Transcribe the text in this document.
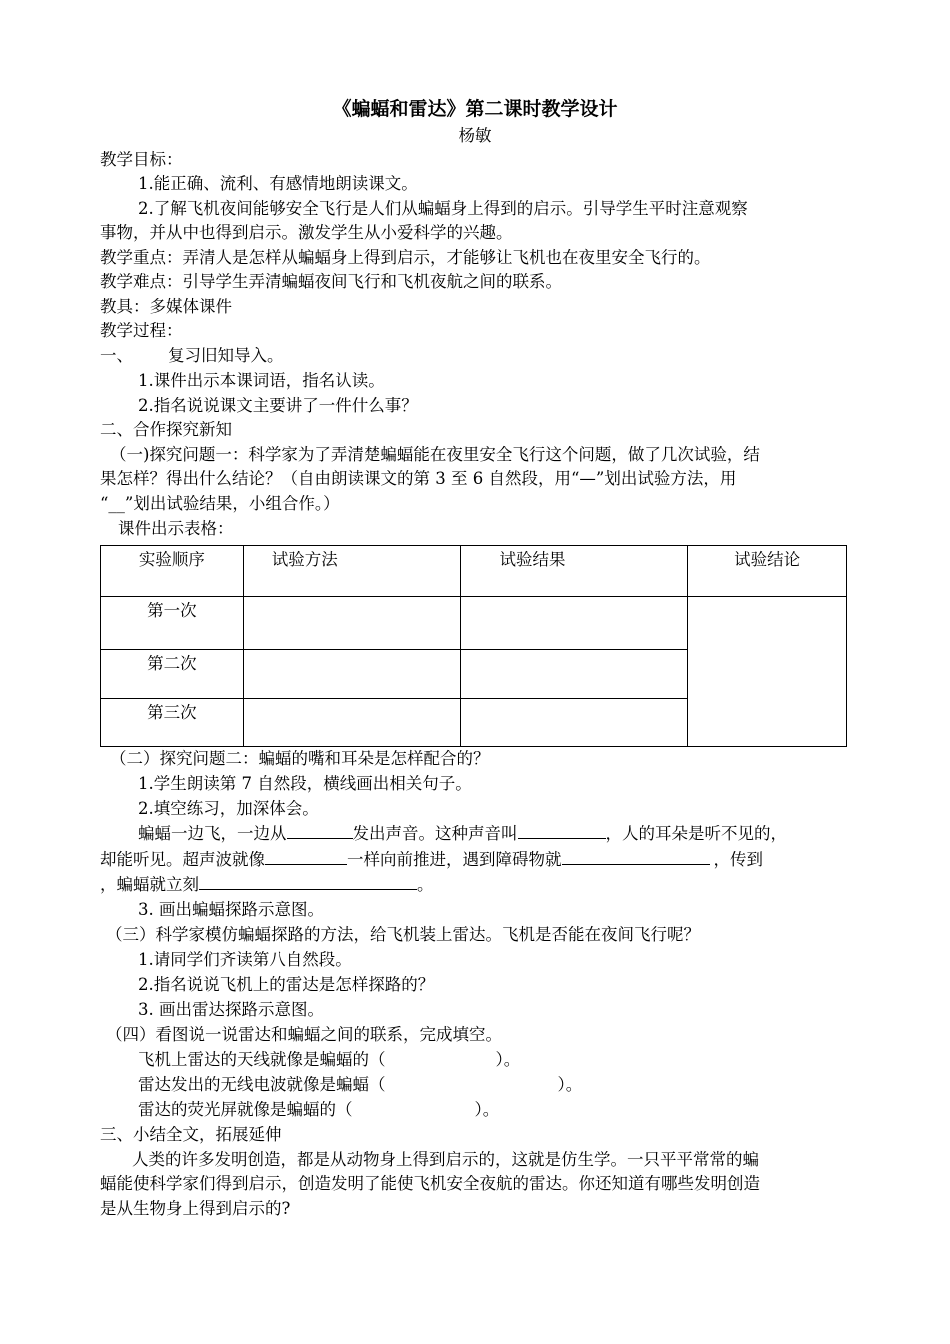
《蝙蝠和雷达》第二课时教学设计
杨敏
教学目标：
1.能正确、流利、有感情地朗读课文。
2.了解飞机夜间能够安全飞行是人们从蝙蝠身上得到的启示。引导学生平时注意观察
事物，并从中也得到启示。激发学生从小爱科学的兴趣。
教学重点：弄清人是怎样从蝙蝠身上得到启示，才能够让飞机也在夜里安全飞行的。
教学难点：引导学生弄清蝙蝠夜间飞行和飞机夜航之间的联系。
教具：多媒体课件
教学过程：
一、 复习旧知导入。
1.课件出示本课词语，指名认读。
2.指名说说课文主要讲了一件什么事？
二、合作探究新知
（一)探究问题一：科学家为了弄清楚蝙蝠能在夜里安全飞行这个问题，做了几次试验，结
果怎样？得出什么结论？（自由朗读课文的第 3 至 6 自然段，用“—”划出试验方法，用
“__”划出试验结果，小组合作。）
课件出示表格：
实验顺序	试验方法	试验结果	试验结论

第一次			

第二次			

第三次			

（二）探究问题二：蝙蝠的嘴和耳朵是怎样配合的？
1.学生朗读第 7 自然段，横线画出相关句子。
2.填空练习，加深体会。
蝙蝠一边飞，一边从	发出声音。这种声音叫	，人的耳朵是听不见的，
却能听见。超声波就像	一样向前推进，遇到障碍物就	，传到
，蝙蝠就立刻	。
3. 画出蝙蝠探路示意图。
（三）科学家模仿蝙蝠探路的方法，给飞机装上雷达。飞机是否能在夜间飞行呢？
1.请同学们齐读第八自然段。
2.指名说说飞机上的雷达是怎样探路的？
3. 画出雷达探路示意图。
（四）看图说一说雷达和蝙蝠之间的联系，完成填空。
飞机上雷达的天线就像是蝙蝠的（	）。
雷达发出的无线电波就像是蝙蝠（	）。
雷达的荧光屏就像是蝙蝠的（	）。
三、小结全文，拓展延伸
人类的许多发明创造，都是从动物身上得到启示的，这就是仿生学。一只平平常常的蝙
蝠能使科学家们得到启示，创造发明了能使飞机安全夜航的雷达。你还知道有哪些发明创造
是从生物身上得到启示的?
